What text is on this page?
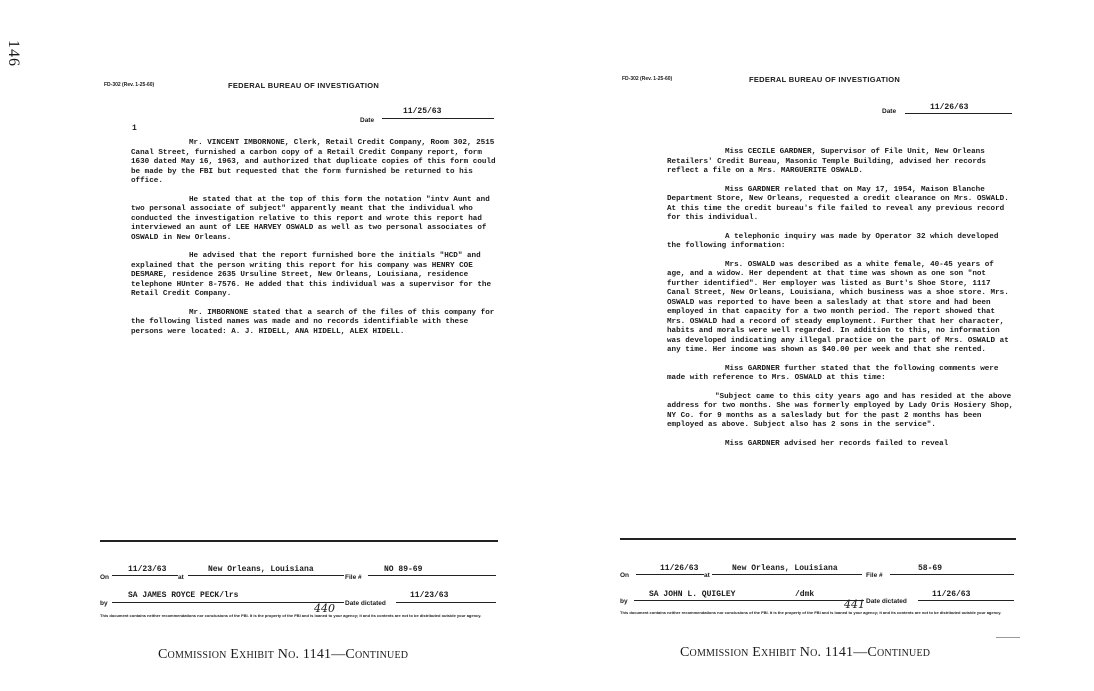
146
FD-302 (Rev. 1-25-60)	FEDERAL BUREAU OF INVESTIGATION
Date
11/25/63
1

Mr. VINCENT IMBORNONE, Clerk, Retail Credit Company, Room 302, 2515 Canal Street, furnished a carbon copy of a Retail Credit Company report, form 1630 dated May 16, 1963, and authorized that duplicate copies of this form could be made by the FBI but requested that the form furnished be returned to his office.

He stated that at the top of this form the notation "intv Aunt and two personal associate of subject" apparently meant that the individual who conducted the investigation relative to this report and wrote this report had interviewed an aunt of LEE HARVEY OSWALD as well as two personal associates of OSWALD in New Orleans.

He advised that the report furnished bore the initials "HCD" and explained that the person writing this report for his company was HENRY COE DESMARE, residence 2635 Ursuline Street, New Orleans, Louisiana, residence telephone HUnter 8-7576. He added that this individual was a supervisor for the Retail Credit Company.

Mr. IMBORNONE stated that a search of the files of this company for the following listed names was made and no records identifiable with these persons were located: A. J. HIDELL, ANA HIDELL, ALEX HIDELL.

On
11/23/63
at
New Orleans, Louisiana
File #
NO 89-69
by
SA JAMES ROYCE PECK/lrs
440 Date dictated
11/23/63
This document contains neither recommendations nor conclusions of the FBI. It is the property of the FBI and is loaned to your agency; it and its contents are not to be distributed outside your agency.
Commission Exhibit No. 1141—Continued
FD-302 (Rev. 1-25-60)	FEDERAL BUREAU OF INVESTIGATION
Date	11/26/63

Miss CECILE GARDNER, Supervisor of File Unit, New Orleans Retailers' Credit Bureau, Masonic Temple Building, advised her records reflect a file on a Mrs. MARGUERITE OSWALD.

Miss GARDNER related that on May 17, 1954, Maison Blanche Department Store, New Orleans, requested a credit clearance on Mrs. OSWALD. At this time the credit bureau's file failed to reveal any previous record for this individual.

A telephonic inquiry was made by Operator 32 which developed the following information:

Mrs. OSWALD was described as a white female, 40-45 years of age, and a widow. Her dependent at that time was shown as one son "not further identified". Her employer was listed as Burt's Shoe Store, 1117 Canal Street, New Orleans, Louisiana, which business was a shoe store. Mrs. OSWALD was reported to have been a saleslady at that store and had been employed in that capacity for a two month period. The report showed that Mrs. OSWALD had a record of steady employment. Further that her character, habits and morals were well regarded. In addition to this, no information was developed indicating any illegal practice on the part of Mrs. OSWALD at any time. Her income was shown as $40.00 per week and that she rented.

Miss GARDNER further stated that the following comments were made with reference to Mrs. OSWALD at this time:

"Subject came to this city years ago and has resided at the above address for two months. She was formerly employed by Lady Oris Hosiery Shop, NY Co. for 9 months as a saleslady but for the past 2 months has been employed as above. Subject also has 2 sons in the service".

Miss GARDNER advised her records failed to reveal

On
11/26/63
at
New Orleans, Louisiana
File #
58-69
by
SA JOHN L. QUIGLEY	/dmk
441 Date dictated
11/26/63
This document contains neither recommendations nor conclusions of the FBI. It is the property of the FBI and is loaned to your agency; it and its contents are not to be distributed outside your agency.
Commission Exhibit No. 1141—Continued
